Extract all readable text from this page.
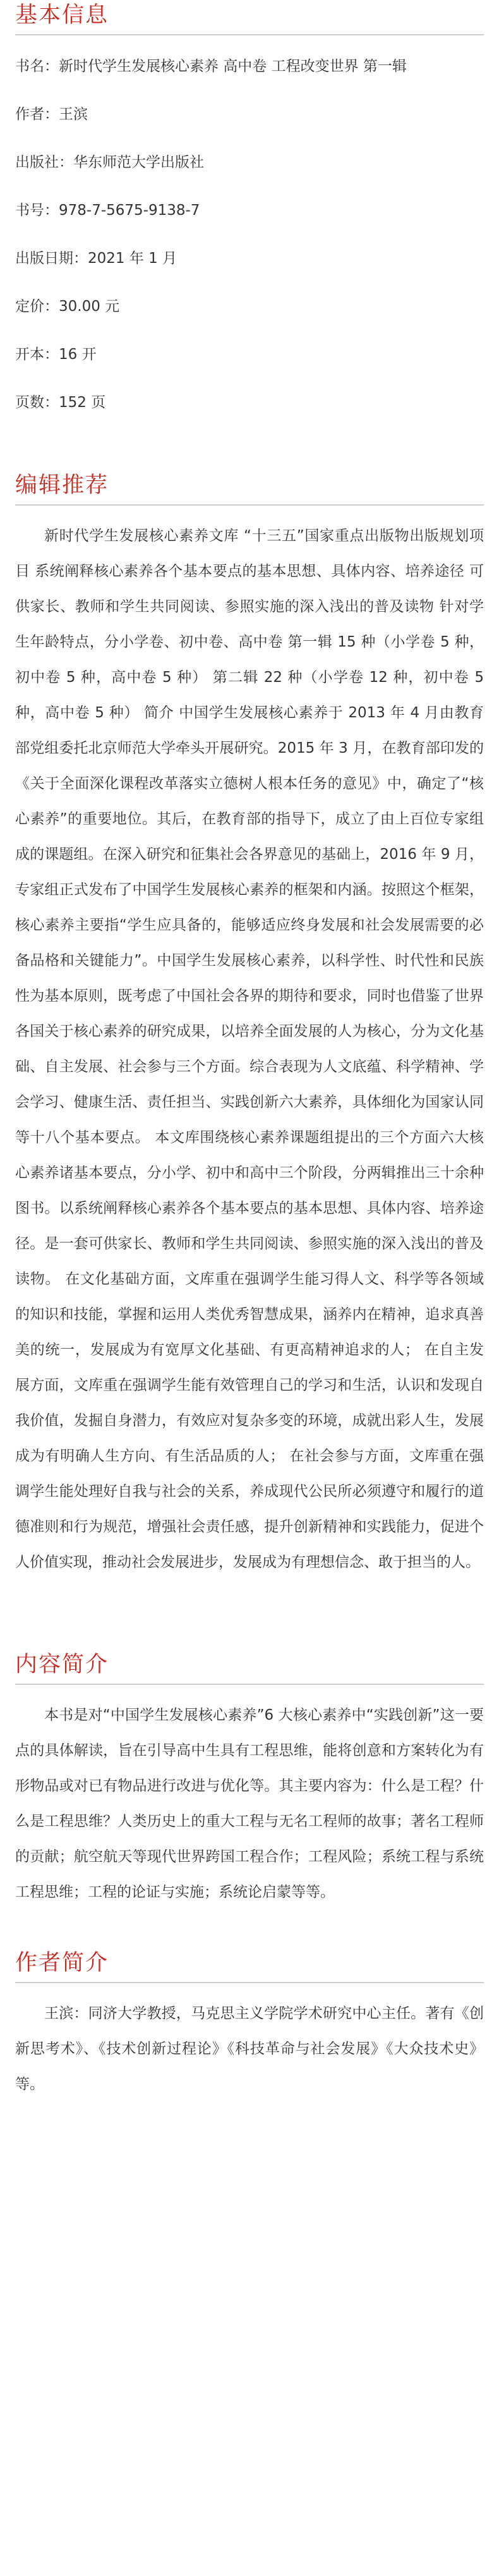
基本信息
书名：新时代学生发展核心素养 高中卷 工程改变世界 第一辑
作者：王滨
出版社：华东师范大学出版社
书号：978-7-5675-9138-7
出版日期：2021 年 1 月
定价：30.00 元
开本：16 开
页数：152 页
编辑推荐

新时代学生发展核心素养文库 “十三五”国家重点出版物出版规划项目 系统阐释核心素养各个基本要点的基本思想、具体内容、培养途径 可供家长、教师和学生共同阅读、参照实施的深入浅出的普及读物 针对学生年龄特点，分小学卷、初中卷、高中卷 第一辑 15 种（小学卷 5 种，初中卷 5 种，高中卷 5 种） 第二辑 22 种（小学卷 12 种，初中卷 5 种，高中卷 5 种） 简介 中国学生发展核心素养于 2013 年 4 月由教育部党组委托北京师范大学牵头开展研究。2015 年 3 月，在教育部印发的《关于全面深化课程改革落实立德树人根本任务的意见》中，确定了“核心素养”的重要地位。其后，在教育部的指导下，成立了由上百位专家组成的课题组。在深入研究和征集社会各界意见的基础上，2016 年 9 月，专家组正式发布了中国学生发展核心素养的框架和内涵。按照这个框架，核心素养主要指“学生应具备的，能够适应终身发展和社会发展需要的必备品格和关键能力”。中国学生发展核心素养，以科学性、时代性和民族性为基本原则，既考虑了中国社会各界的期待和要求，同时也借鉴了世界各国关于核心素养的研究成果，以培养全面发展的人为核心，分为文化基础、自主发展、社会参与三个方面。综合表现为人文底蕴、科学精神、学会学习、健康生活、责任担当、实践创新六大素养，具体细化为国家认同等十八个基本要点。 本文库围绕核心素养课题组提出的三个方面六大核心素养诸基本要点，分小学、初中和高中三个阶段，分两辑推出三十余种图书。以系统阐释核心素养各个基本要点的基本思想、具体内容、培养途径。是一套可供家长、教师和学生共同阅读、参照实施的深入浅出的普及读物。 在文化基础方面，文库重在强调学生能习得人文、科学等各领域的知识和技能，掌握和运用人类优秀智慧成果，涵养内在精神，追求真善美的统一，发展成为有宽厚文化基础、有更高精神追求的人； 在自主发展方面，文库重在强调学生能有效管理自己的学习和生活，认识和发现自我价值，发掘自身潜力，有效应对复杂多变的环境，成就出彩人生，发展成为有明确人生方向、有生活品质的人； 在社会参与方面，文库重在强调学生能处理好自我与社会的关系，养成现代公民所必须遵守和履行的道德准则和行为规范，增强社会责任感，提升创新精神和实践能力，促进个人价值实现，推动社会发展进步，发展成为有理想信念、敢于担当的人。

内容简介

本书是对“中国学生发展核心素养”6 大核心素养中“实践创新”这一要点的具体解读，旨在引导高中生具有工程思维，能将创意和方案转化为有形物品或对已有物品进行改进与优化等。其主要内容为：什么是工程？什么是工程思维？人类历史上的重大工程与无名工程师的故事；著名工程师的贡献；航空航天等现代世界跨国工程合作；工程风险；系统工程与系统工程思维；工程的论证与实施；系统论启蒙等等。

作者简介

王滨：同济大学教授，马克思主义学院学术研究中心主任。著有《创新思考术》、《技术创新过程论》《科技革命与社会发展》《大众技术史》等。
